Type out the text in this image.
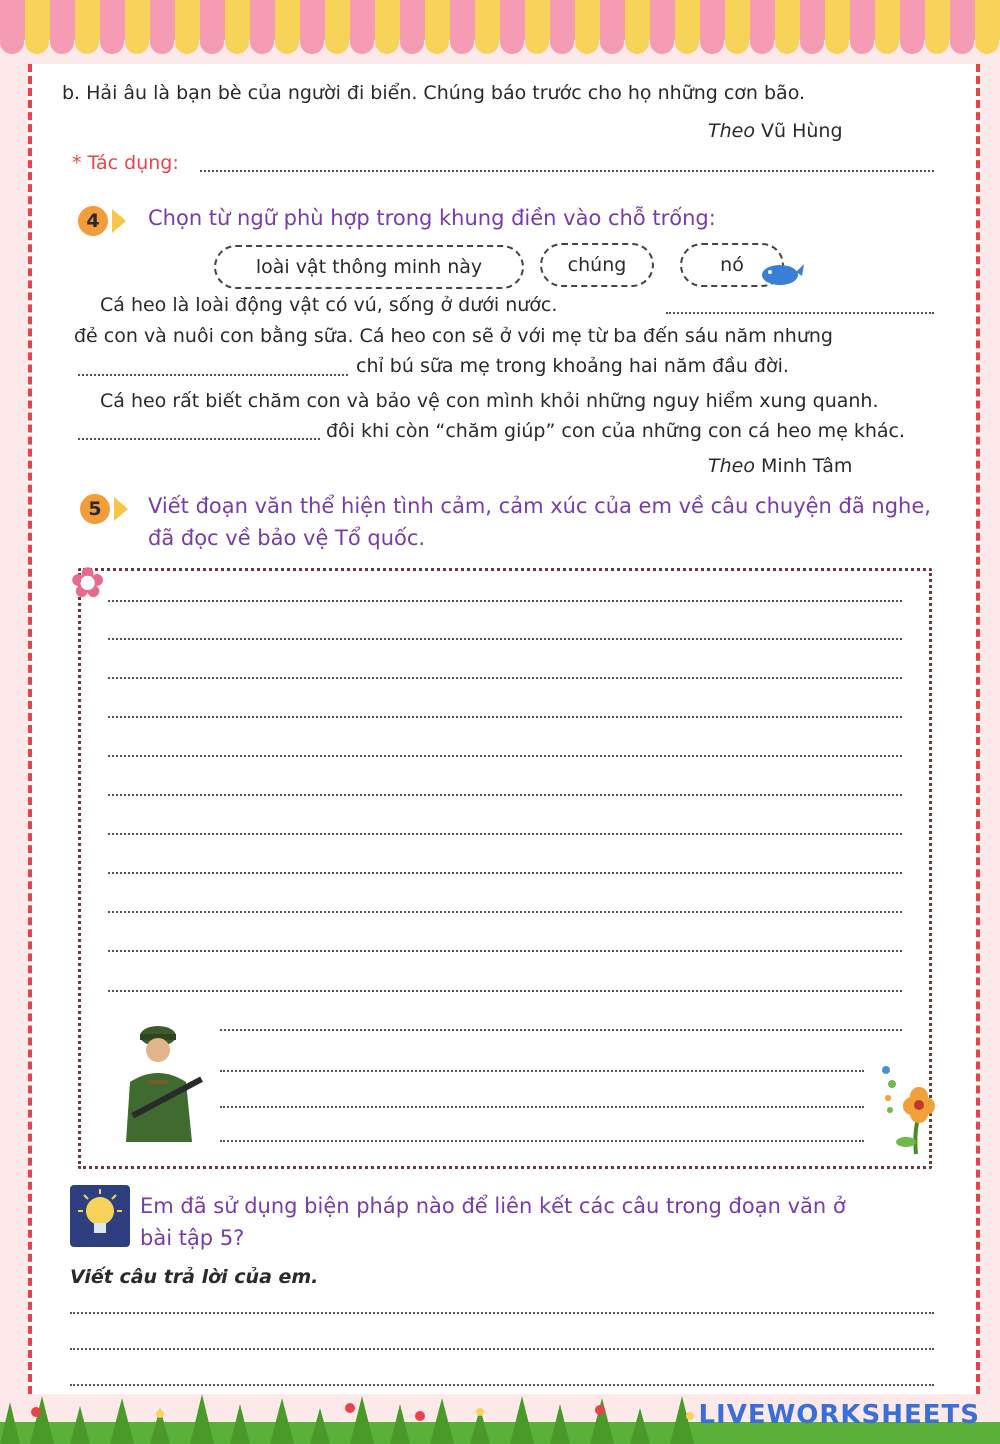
b. Hải âu là bạn bè của người đi biển. Chúng báo trước cho họ những cơn bão.
Theo Vũ Hùng
* Tác dụng:
4	Chọn từ ngữ phù hợp trong khung điền vào chỗ trống:
loài vật thông minh này	chúng	nó
Cá heo là loài động vật có vú, sống ở dưới nước.
đẻ con và nuôi con bằng sữa. Cá heo con sẽ ở với mẹ từ ba đến sáu năm nhưng
chỉ bú sữa mẹ trong khoảng hai năm đầu đời.
Cá heo rất biết chăm con và bảo vệ con mình khỏi những nguy hiểm xung quanh.
đôi khi còn “chăm giúp” con của những con cá heo mẹ khác.
Theo Minh Tâm
5	Viết đoạn văn thể hiện tình cảm, cảm xúc của em về câu chuyện đã nghe,
đã đọc về bảo vệ Tổ quốc.
✿
Em đã sử dụng biện pháp nào để liên kết các câu trong đoạn văn ở
bài tập 5?
Viết câu trả lời của em.
LIVEWORKSHEETS
